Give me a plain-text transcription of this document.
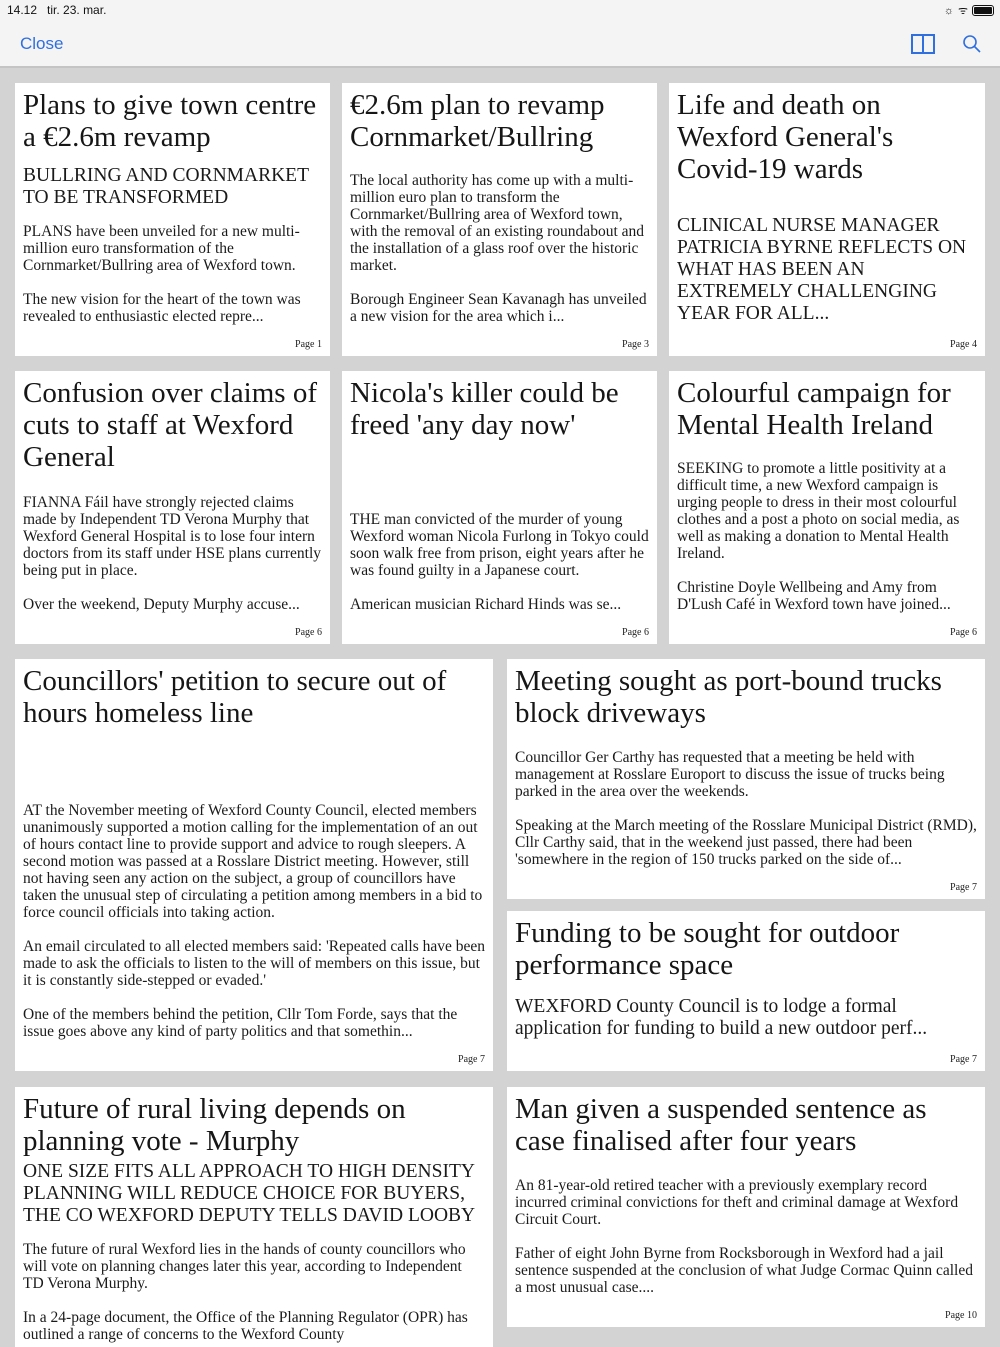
14.12 tir. 23. mar.	☼ ᯤ
Close
Plans to give town centre a €2.6m revamp
BULLRING AND CORNMARKET TO BE TRANSFORMED

PLANS have been unveiled for a new multi-million euro transformation of the Cornmarket/Bullring area of Wexford town.

The new vision for the heart of the town was revealed to enthusiastic elected repre...

Page 1
€2.6m plan to revamp Cornmarket/Bullring

The local authority has come up with a multi-million euro plan to transform the Cornmarket/Bullring area of Wexford town, with the removal of an existing roundabout and the installation of a glass roof over the historic market.

Borough Engineer Sean Kavanagh has unveiled a new vision for the area which i...

Page 3
Life and death on Wexford General's Covid-19 wards
CLINICAL NURSE MANAGER PATRICIA BYRNE REFLECTS ON WHAT HAS BEEN AN EXTREMELY CHALLENGING YEAR FOR ALL...
Page 4
Confusion over claims of cuts to staff at Wexford General

FIANNA Fáil have strongly rejected claims made by Independent TD Verona Murphy that Wexford General Hospital is to lose four intern doctors from its staff under HSE plans currently being put in place.

Over the weekend, Deputy Murphy accuse...

Page 6
Nicola's killer could be freed 'any day now'

THE man convicted of the murder of young Wexford woman Nicola Furlong in Tokyo could soon walk free from prison, eight years after he was found guilty in a Japanese court.

American musician Richard Hinds was se...

Page 6
Colourful campaign for Mental Health Ireland

SEEKING to promote a little positivity at a difficult time, a new Wexford campaign is urging people to dress in their most colourful clothes and a post a photo on social media, as well as making a donation to Mental Health Ireland.

Christine Doyle Wellbeing and Amy from D'Lush Café in Wexford town have joined...

Page 6
Councillors' petition to secure out of hours homeless line

AT the November meeting of Wexford County Council, elected members unanimously supported a motion calling for the implementation of an out of hours contact line to provide support and advice to rough sleepers. A second motion was passed at a Rosslare District meeting. However, still not having seen any action on the subject, a group of councillors have taken the unusual step of circulating a petition among members in a bid to force council officials into taking action.

An email circulated to all elected members said: 'Repeated calls have been made to ask the officials to listen to the will of members on this issue, but it is constantly side-stepped or evaded.'

One of the members behind the petition, Cllr Tom Forde, says that the issue goes above any kind of party politics and that somethin...

Page 7
Meeting sought as port-bound trucks block driveways

Councillor Ger Carthy has requested that a meeting be held with management at Rosslare Europort to discuss the issue of trucks being parked in the area over the weekends.

Speaking at the March meeting of the Rosslare Municipal District (RMD), Cllr Carthy said, that in the weekend just passed, there had been 'somewhere in the region of 150 trucks parked on the side of...

Page 7
Funding to be sought for outdoor performance space
WEXFORD County Council is to lodge a formal application for funding to build a new outdoor perf...
Page 7
Future of rural living depends on planning vote - Murphy
ONE SIZE FITS ALL APPROACH TO HIGH DENSITY PLANNING WILL REDUCE CHOICE FOR BUYERS, THE CO WEXFORD DEPUTY TELLS DAVID LOOBY

The future of rural Wexford lies in the hands of county councillors who will vote on planning changes later this year, according to Independent TD Verona Murphy.

In a 24-page document, the Office of the Planning Regulator (OPR) has outlined a range of concerns to the Wexford County

Man given a suspended sentence as case finalised after four years

An 81-year-old retired teacher with a previously exemplary record incurred criminal convictions for theft and criminal damage at Wexford Circuit Court.

Father of eight John Byrne from Rocksborough in Wexford had a jail sentence suspended at the conclusion of what Judge Cormac Quinn called a most unusual case....

Page 10
